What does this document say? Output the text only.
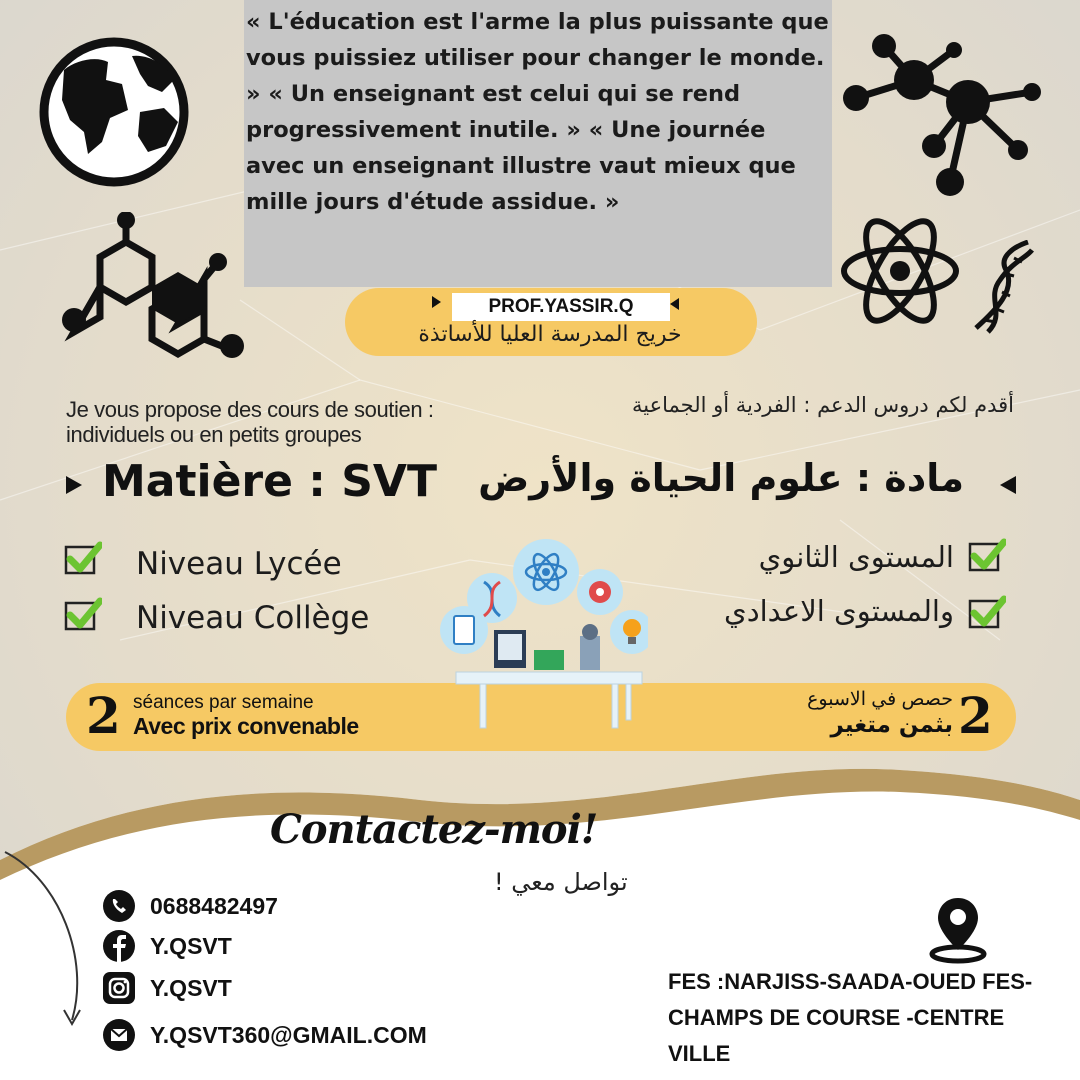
« L'éducation est l'arme la plus puissante que vous puissiez utiliser pour changer le monde. » « Un enseignant est celui qui se rend progressivement inutile. » « Une journée avec un enseignant illustre vaut mieux que mille jours d'étude assidue. »

PROF.YASSIR.Q
خريج المدرسة العليا للأساتذة
Je vous propose des cours de soutien :
individuels ou en petits groupes
أقدم لكم دروس الدعم : الفردية أو الجماعية
Matière : SVT مادة : علوم الحياة والأرض
Niveau Lycée
Niveau Collège
المستوى الثانوي
والمستوى الاعدادي
2 séances par semaine
Avec prix convenable
حصص في الاسبوع
بثمن متغير 2
Contactez-moi!
تواصل معي !
0688482497
Y.QSVT
Y.QSVT
Y.QSVT360@GMAIL.COM
FES :NARJISS-SAADA-OUED FES-CHAMPS DE COURSE -CENTRE VILLE
